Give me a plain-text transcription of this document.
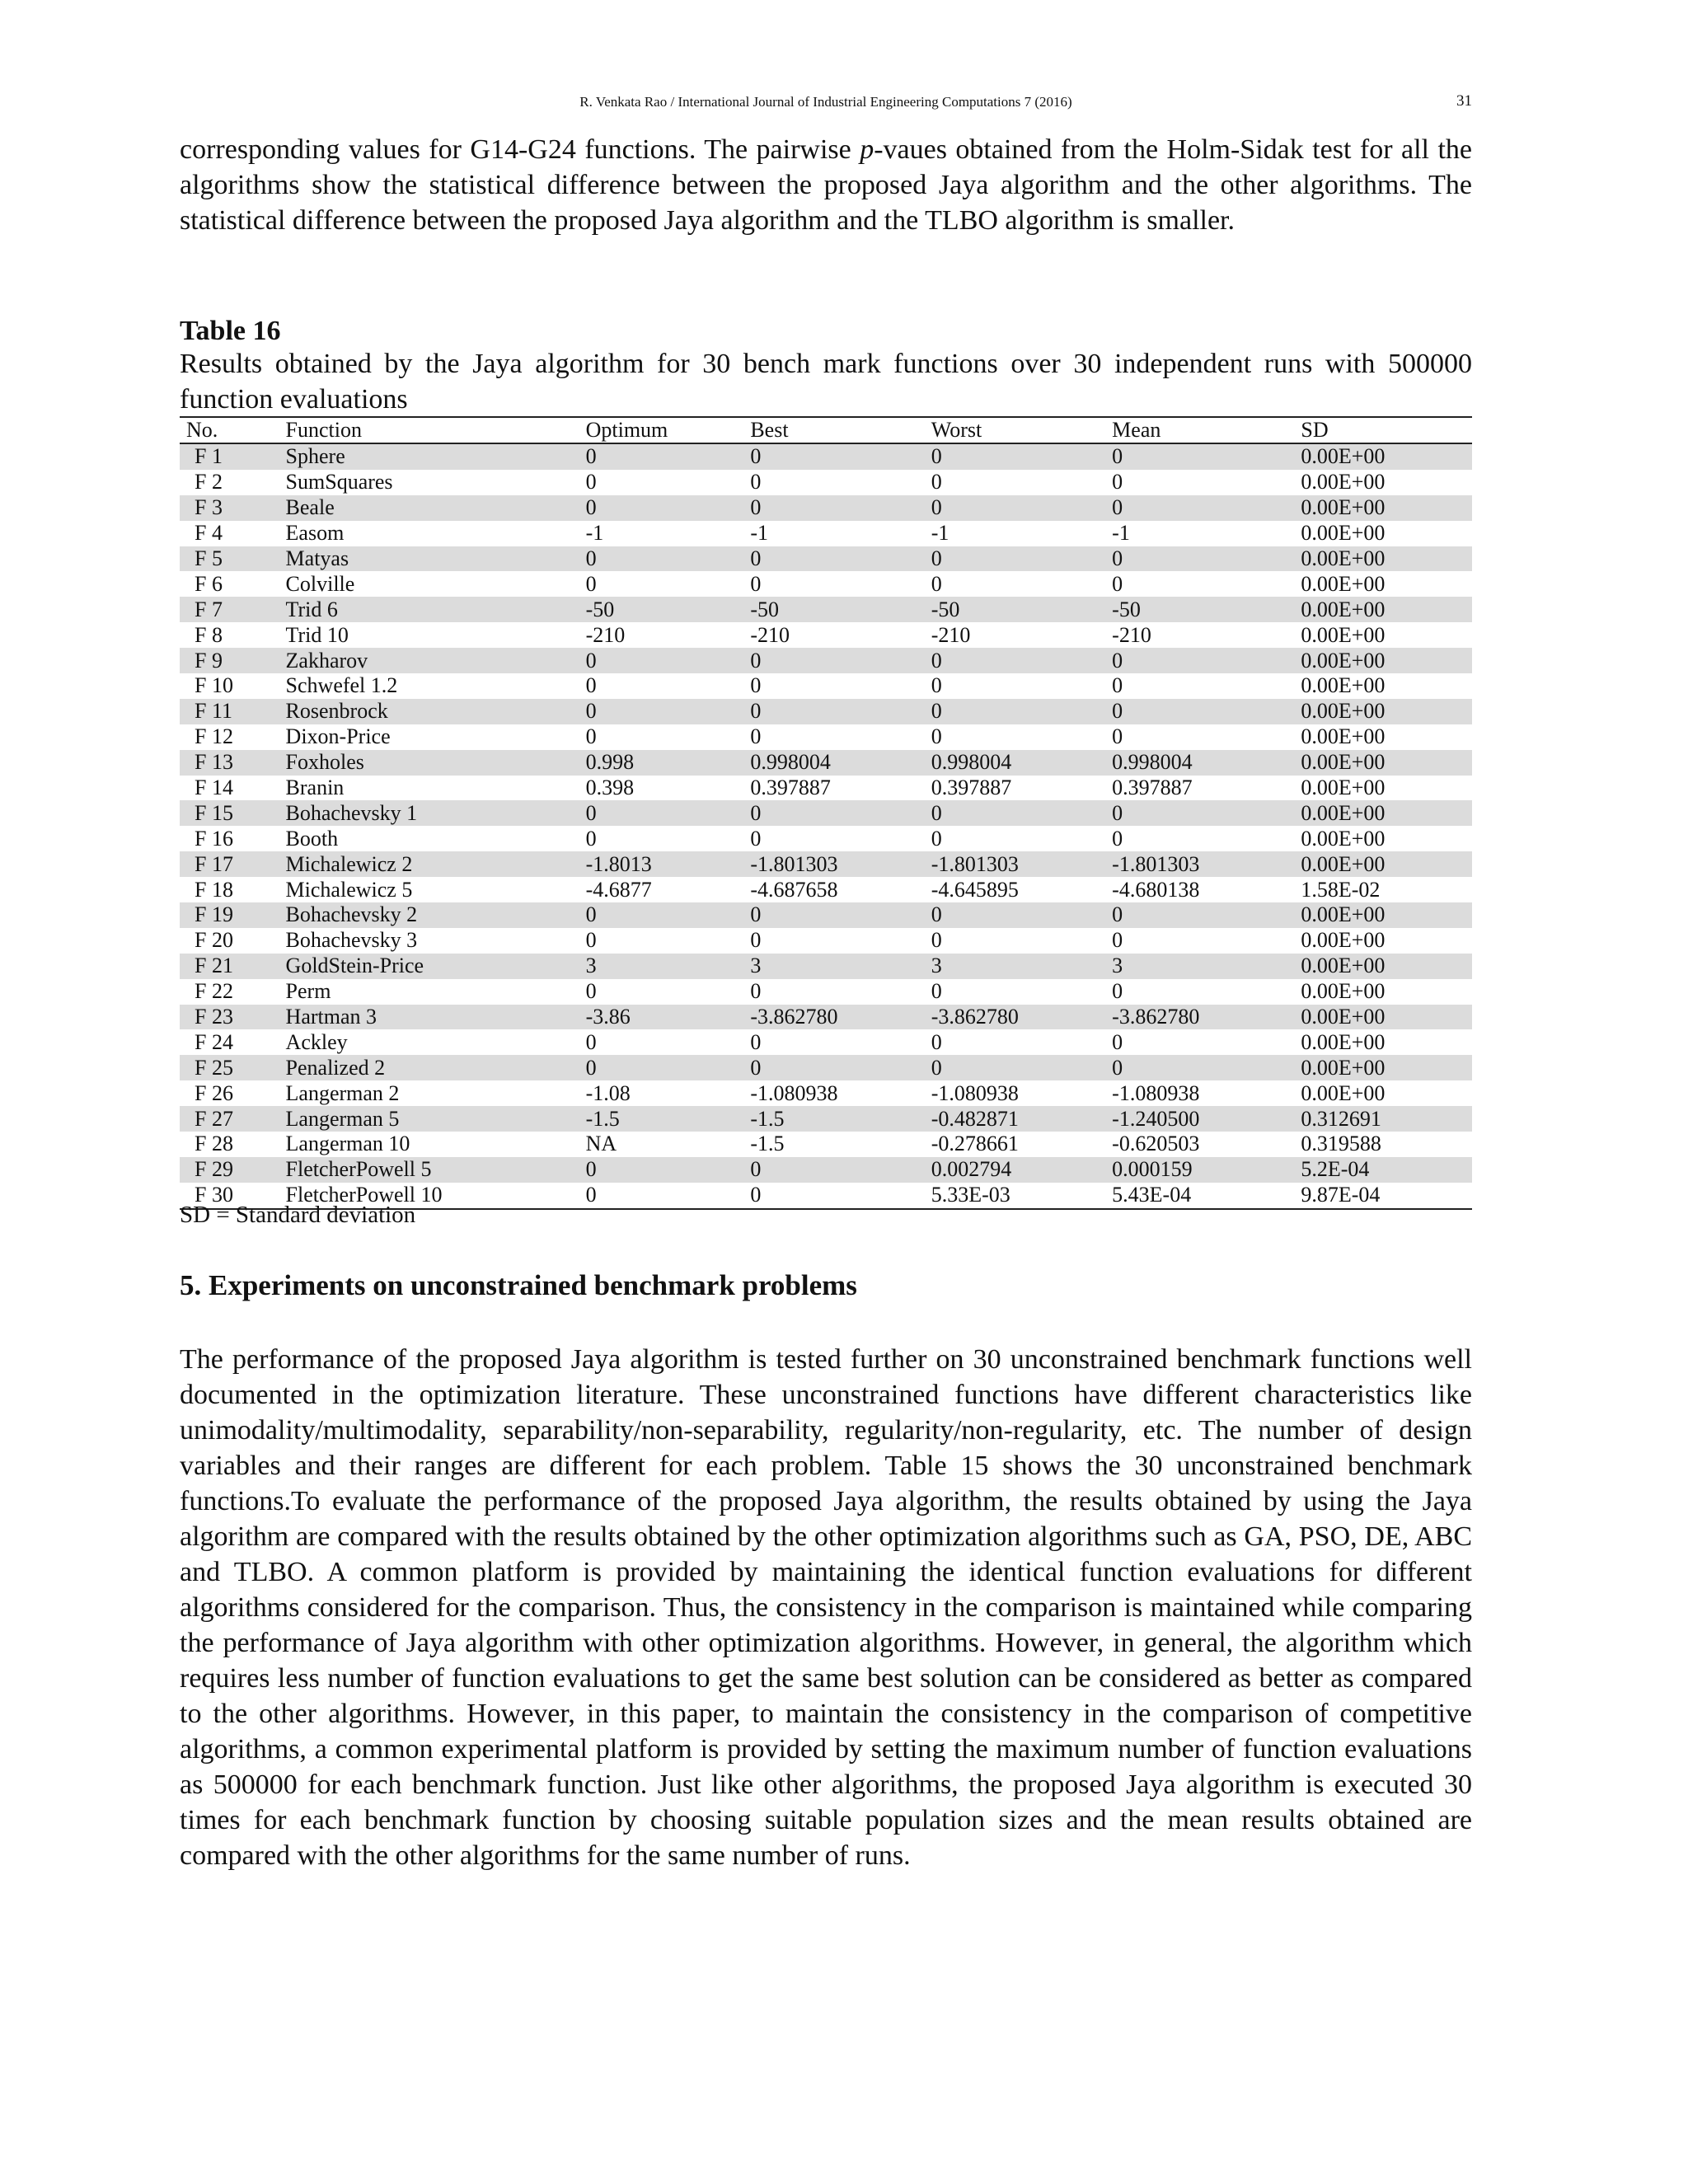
R. Venkata Rao / International Journal of Industrial Engineering Computations 7 (2016)	31

corresponding values for G14-G24 functions. The pairwise p-vaues obtained from the Holm-Sidak test for all the algorithms show the statistical difference between the proposed Jaya algorithm and the other algorithms. The statistical difference between the proposed Jaya algorithm and the TLBO algorithm is smaller.

Table 16

Results obtained by the Jaya algorithm for 30 bench mark functions over 30 independent runs with 500000 function evaluations

No.	Function	Optimum	Best	Worst	Mean	SD
F 1	Sphere	0	0	0	0	0.00E+00
F 2	SumSquares	0	0	0	0	0.00E+00
F 3	Beale	0	0	0	0	0.00E+00
F 4	Easom	-1	-1	-1	-1	0.00E+00
F 5	Matyas	0	0	0	0	0.00E+00
F 6	Colville	0	0	0	0	0.00E+00
F 7	Trid 6	-50	-50	-50	-50	0.00E+00
F 8	Trid 10	-210	-210	-210	-210	0.00E+00
F 9	Zakharov	0	0	0	0	0.00E+00
F 10	Schwefel 1.2	0	0	0	0	0.00E+00
F 11	Rosenbrock	0	0	0	0	0.00E+00
F 12	Dixon-Price	0	0	0	0	0.00E+00
F 13	Foxholes	0.998	0.998004	0.998004	0.998004	0.00E+00
F 14	Branin	0.398	0.397887	0.397887	0.397887	0.00E+00
F 15	Bohachevsky 1	0	0	0	0	0.00E+00
F 16	Booth	0	0	0	0	0.00E+00
F 17	Michalewicz 2	-1.8013	-1.801303	-1.801303	-1.801303	0.00E+00
F 18	Michalewicz 5	-4.6877	-4.687658	-4.645895	-4.680138	1.58E-02
F 19	Bohachevsky 2	0	0	0	0	0.00E+00
F 20	Bohachevsky 3	0	0	0	0	0.00E+00
F 21	GoldStein-Price	3	3	3	3	0.00E+00
F 22	Perm	0	0	0	0	0.00E+00
F 23	Hartman 3	-3.86	-3.862780	-3.862780	-3.862780	0.00E+00
F 24	Ackley	0	0	0	0	0.00E+00
F 25	Penalized 2	0	0	0	0	0.00E+00
F 26	Langerman 2	-1.08	-1.080938	-1.080938	-1.080938	0.00E+00
F 27	Langerman 5	-1.5	-1.5	-0.482871	-1.240500	0.312691
F 28	Langerman 10	NA	-1.5	-0.278661	-0.620503	0.319588
F 29	FletcherPowell 5	0	0	0.002794	0.000159	5.2E-04
F 30	FletcherPowell 10	0	0	5.33E-03	5.43E-04	9.87E-04
SD = Standard deviation
5. Experiments on unconstrained benchmark problems

The performance of the proposed Jaya algorithm is tested further on 30 unconstrained benchmark functions well documented in the optimization literature. These unconstrained functions have different characteristics like unimodality/multimodality, separability/non-separability, regularity/non-regularity, etc. The number of design variables and their ranges are different for each problem. Table 15 shows the 30 unconstrained benchmark functions.To evaluate the performance of the proposed Jaya algorithm, the results obtained by using the Jaya algorithm are compared with the results obtained by the other optimization algorithms such as GA, PSO, DE, ABC and TLBO. A common platform is provided by maintaining the identical function evaluations for different algorithms considered for the comparison. Thus, the consistency in the comparison is maintained while comparing the performance of Jaya algorithm with other optimization algorithms. However, in general, the algorithm which requires less number of function evaluations to get the same best solution can be considered as better as compared to the other algorithms. However, in this paper, to maintain the consistency in the comparison of competitive algorithms, a common experimental platform is provided by setting the maximum number of function evaluations as 500000 for each benchmark function. Just like other algorithms, the proposed Jaya algorithm is executed 30 times for each benchmark function by choosing suitable population sizes and the mean results obtained are compared with the other algorithms for the same number of runs.
